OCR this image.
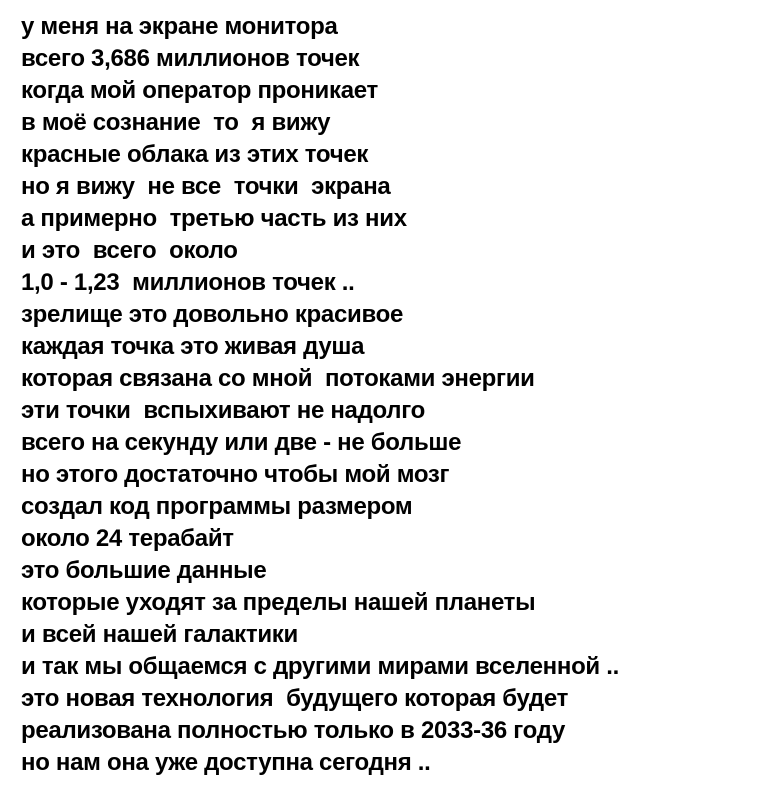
у меня на экране монитора
всего 3,686 миллионов точек
когда мой оператор проникает
в моё сознание  то  я вижу
красные облака из этих точек
но я вижу  не все  точки  экрана
а примерно  третью часть из них
и это  всего  около
1,0 - 1,23  миллионов точек ..
зрелище это довольно красивое
каждая точка это живая душа
которая связана со мной  потоками энергии
эти точки  вспыхивают не надолго
всего на секунду или две - не больше
но этого достаточно чтобы мой мозг
создал код программы размером
около 24 терабайт
это большие данные
которые уходят за пределы нашей планеты
и всей нашей галактики
и так мы общаемся с другими мирами вселенной ..
это новая технология  будущего которая будет
реализована полностью только в 2033-36 году
но нам она уже доступна сегодня ..
